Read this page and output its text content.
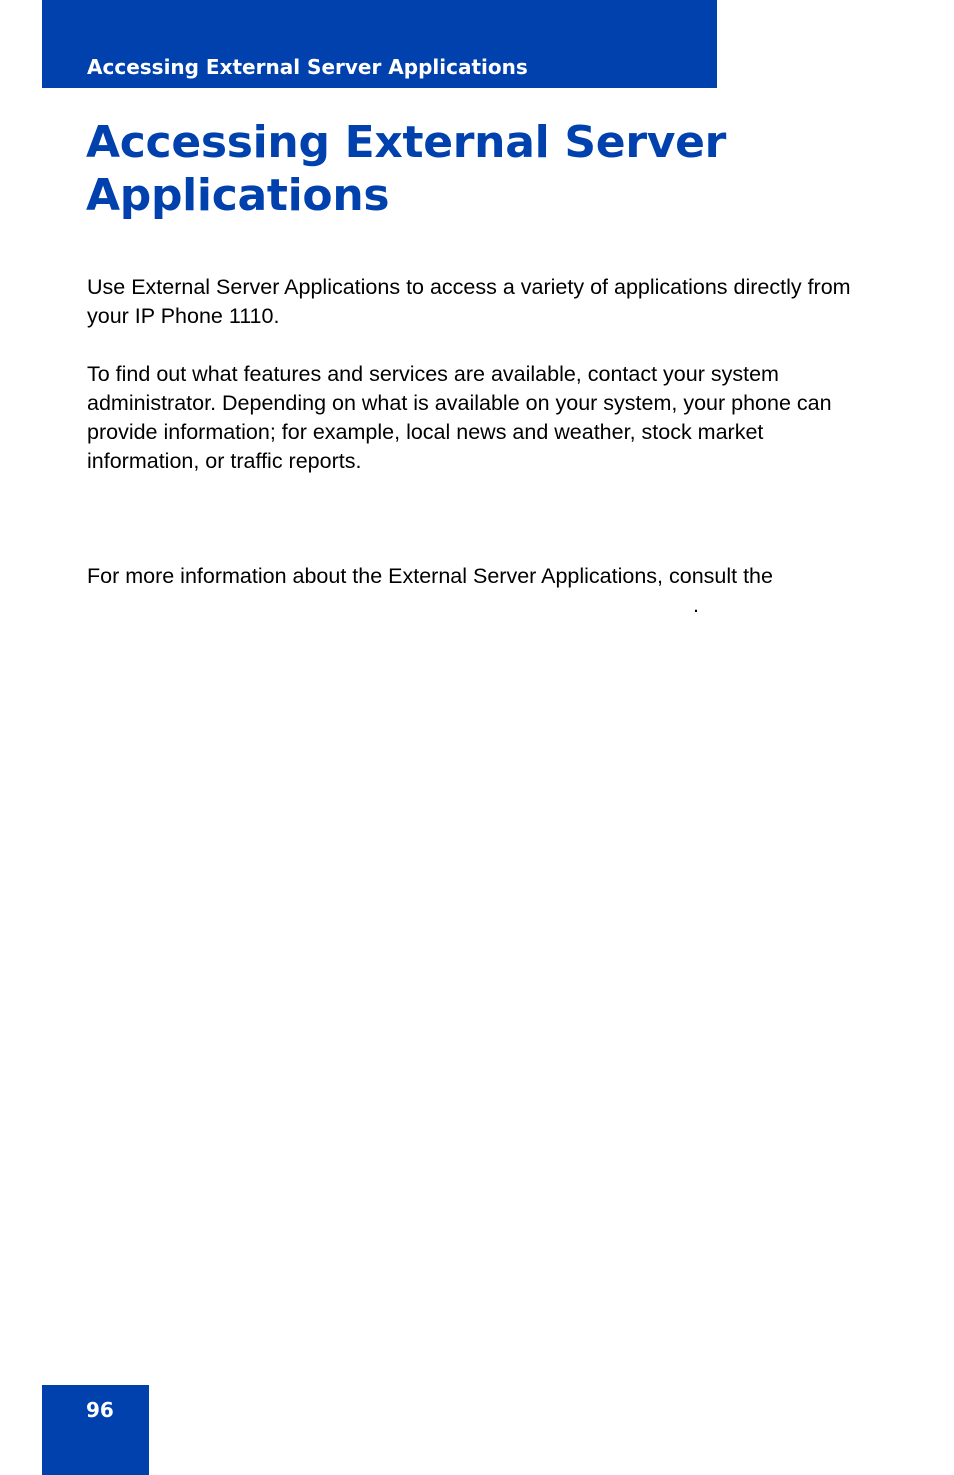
Accessing External Server Applications

Accessing External Server Applications

Use External Server Applications to access a variety of applications directly from your IP Phone 1110.

To find out what features and services are available, contact your system administrator. Depending on what is available on your system, your phone can provide information; for example, local news and weather, stock market information, or traffic reports.

For more information about the External Server Applications, consult the

.

96
